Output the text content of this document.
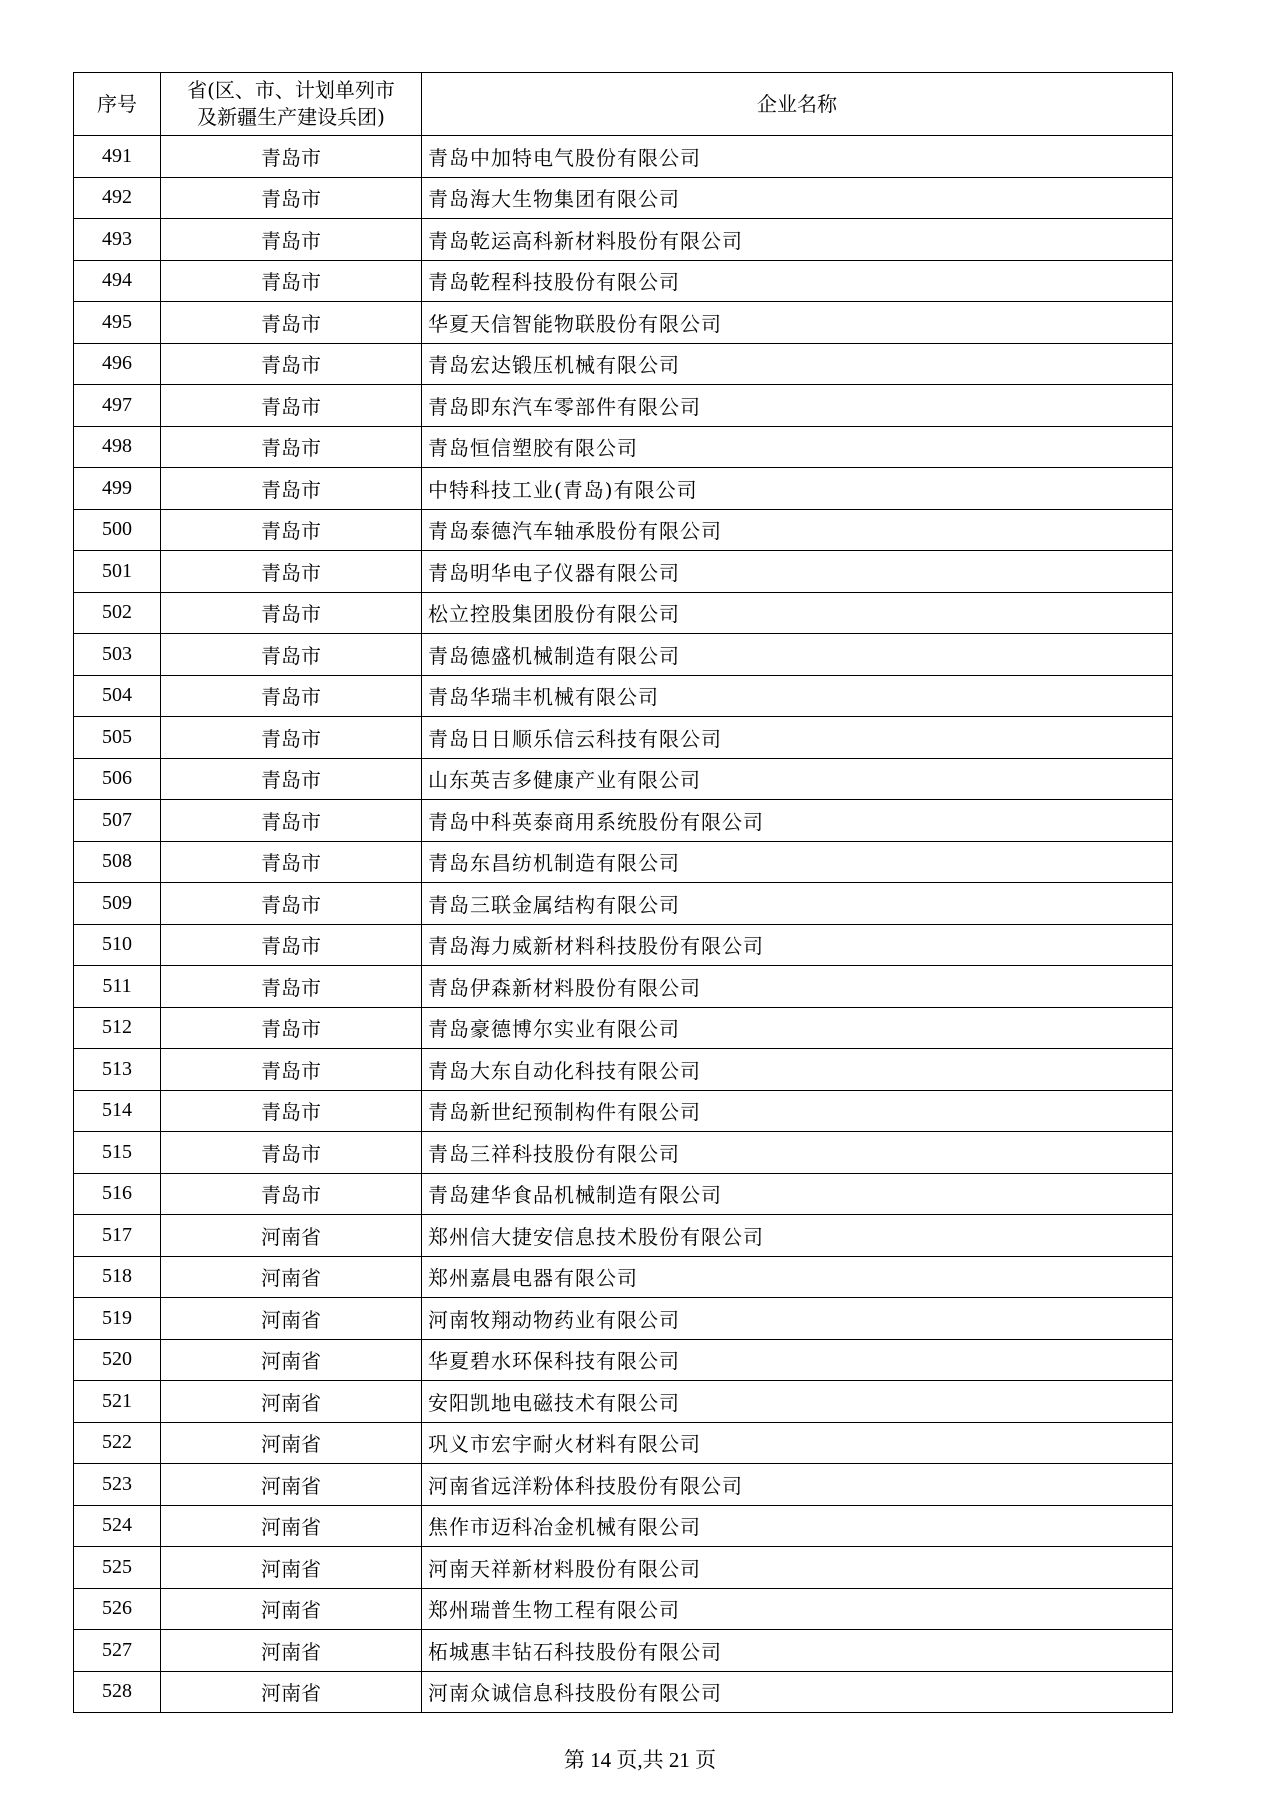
序号	省(区、市、计划单列市
及新疆生产建设兵团)	企业名称
491	青岛市	青岛中加特电气股份有限公司
492	青岛市	青岛海大生物集团有限公司
493	青岛市	青岛乾运高科新材料股份有限公司
494	青岛市	青岛乾程科技股份有限公司
495	青岛市	华夏天信智能物联股份有限公司
496	青岛市	青岛宏达锻压机械有限公司
497	青岛市	青岛即东汽车零部件有限公司
498	青岛市	青岛恒信塑胶有限公司
499	青岛市	中特科技工业(青岛)有限公司
500	青岛市	青岛泰德汽车轴承股份有限公司
501	青岛市	青岛明华电子仪器有限公司
502	青岛市	松立控股集团股份有限公司
503	青岛市	青岛德盛机械制造有限公司
504	青岛市	青岛华瑞丰机械有限公司
505	青岛市	青岛日日顺乐信云科技有限公司
506	青岛市	山东英吉多健康产业有限公司
507	青岛市	青岛中科英泰商用系统股份有限公司
508	青岛市	青岛东昌纺机制造有限公司
509	青岛市	青岛三联金属结构有限公司
510	青岛市	青岛海力威新材料科技股份有限公司
511	青岛市	青岛伊森新材料股份有限公司
512	青岛市	青岛豪德博尔实业有限公司
513	青岛市	青岛大东自动化科技有限公司
514	青岛市	青岛新世纪预制构件有限公司
515	青岛市	青岛三祥科技股份有限公司
516	青岛市	青岛建华食品机械制造有限公司
517	河南省	郑州信大捷安信息技术股份有限公司
518	河南省	郑州嘉晨电器有限公司
519	河南省	河南牧翔动物药业有限公司
520	河南省	华夏碧水环保科技有限公司
521	河南省	安阳凯地电磁技术有限公司
522	河南省	巩义市宏宇耐火材料有限公司
523	河南省	河南省远洋粉体科技股份有限公司
524	河南省	焦作市迈科冶金机械有限公司
525	河南省	河南天祥新材料股份有限公司
526	河南省	郑州瑞普生物工程有限公司
527	河南省	柘城惠丰钻石科技股份有限公司
528	河南省	河南众诚信息科技股份有限公司
第 14 页,共 21 页
